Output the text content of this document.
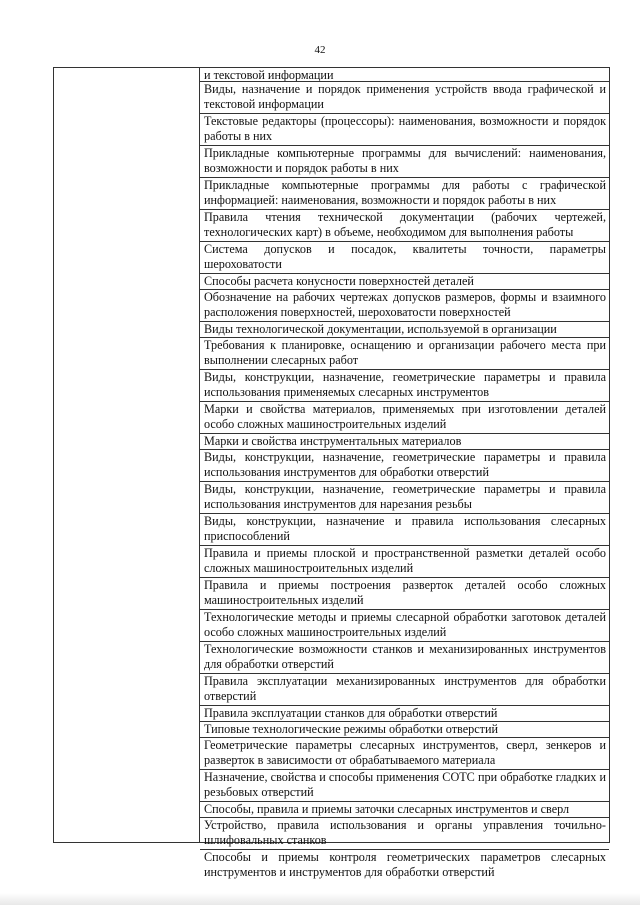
42
и текстовой информации
Виды, назначение и порядок применения устройств ввода графической и текстовой информации
Текстовые редакторы (процессоры): наименования, возможности и порядок работы в них
Прикладные компьютерные программы для вычислений: наименования, возможности и порядок работы в них
Прикладные компьютерные программы для работы с графической информацией: наименования, возможности и порядок работы в них
Правила чтения технической документации (рабочих чертежей, технологических карт) в объеме, необходимом для выполнения работы
Система допусков и посадок, квалитеты точности, параметры шероховатости
Способы расчета конусности поверхностей деталей
Обозначение на рабочих чертежах допусков размеров, формы и взаимного расположения поверхностей, шероховатости поверхностей
Виды технологической документации, используемой в организации
Требования к планировке, оснащению и организации рабочего места при выполнении слесарных работ
Виды, конструкции, назначение, геометрические параметры и правила использования применяемых слесарных инструментов
Марки и свойства материалов, применяемых при изготовлении деталей особо сложных машиностроительных изделий
Марки и свойства инструментальных материалов
Виды, конструкции, назначение, геометрические параметры и правила использования инструментов для обработки отверстий
Виды, конструкции, назначение, геометрические параметры и правила использования инструментов для нарезания резьбы
Виды, конструкции, назначение и правила использования слесарных приспособлений
Правила и приемы плоской и пространственной разметки деталей особо сложных машиностроительных изделий
Правила и приемы построения разверток деталей особо сложных машиностроительных изделий
Технологические методы и приемы слесарной обработки заготовок деталей особо сложных машиностроительных изделий
Технологические возможности станков и механизированных инструментов для обработки отверстий
Правила эксплуатации механизированных инструментов для обработки отверстий
Правила эксплуатации станков для обработки отверстий
Типовые технологические режимы обработки отверстий
Геометрические параметры слесарных инструментов, сверл, зенкеров и разверток в зависимости от обрабатываемого материала
Назначение, свойства и способы применения СОТС при обработке гладких и резьбовых отверстий
Способы, правила и приемы заточки слесарных инструментов и сверл
Устройство, правила использования и органы управления точильно-шлифовальных станков
Способы и приемы контроля геометрических параметров слесарных инструментов и инструментов для обработки отверстий
